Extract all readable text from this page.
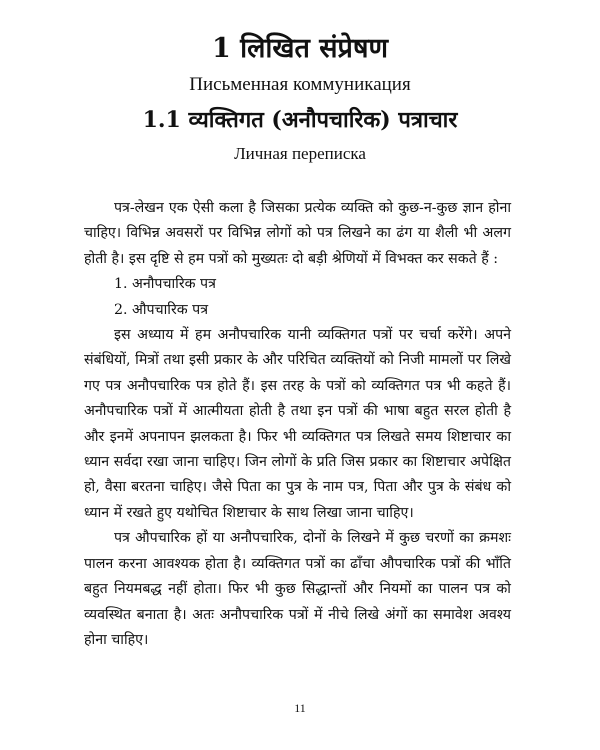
1 लिखित संप्रेषण
Письменная коммуникация
1.1 व्यक्तिगत (अनौपचारिक) पत्राचार
Личная переписка

पत्र-लेखन एक ऐसी कला है जिसका प्रत्येक व्यक्ति को कुछ-न-कुछ ज्ञान होना चाहिए। विभिन्न अवसरों पर विभिन्न लोगों को पत्र लिखने का ढंग या शैली भी अलग होती है। इस दृष्टि से हम पत्रों को मुख्यतः दो बड़ी श्रेणियों में विभक्त कर सकते हैं :

1. अनौपचारिक पत्र

2. औपचारिक पत्र

इस अध्याय में हम अनौपचारिक यानी व्यक्तिगत पत्रों पर चर्चा करेंगे। अपने संबंधियों, मित्रों तथा इसी प्रकार के और परिचित व्यक्तियों को निजी मामलों पर लिखे गए पत्र अनौपचारिक पत्र होते हैं। इस तरह के पत्रों को व्यक्तिगत पत्र भी कहते हैं। अनौपचारिक पत्रों में आत्मीयता होती है तथा इन पत्रों की भाषा बहुत सरल होती है और इनमें अपनापन झलकता है। फिर भी व्यक्तिगत पत्र लिखते समय शिष्टाचार का ध्यान सर्वदा रखा जाना चाहिए। जिन लोगों के प्रति जिस प्रकार का शिष्टाचार अपेक्षित हो, वैसा बरतना चाहिए। जैसे पिता का पुत्र के नाम पत्र, पिता और पुत्र के संबंध को ध्यान में रखते हुए यथोचित शिष्टाचार के साथ लिखा जाना चाहिए।

पत्र औपचारिक हों या अनौपचारिक, दोनों के लिखने में कुछ चरणों का क्रमशः पालन करना आवश्यक होता है। व्यक्तिगत पत्रों का ढाँचा औपचारिक पत्रों की भाँति बहुत नियमबद्ध नहीं होता। फिर भी कुछ सिद्धान्तों और नियमों का पालन पत्र को व्यवस्थित बनाता है। अतः अनौपचारिक पत्रों में नीचे लिखे अंगों का समावेश अवश्य होना चाहिए।

11
